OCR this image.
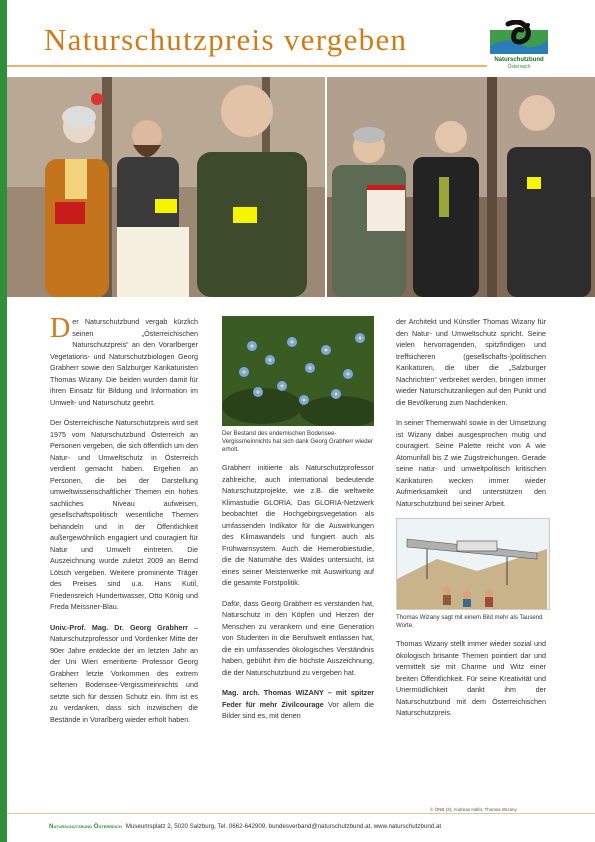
Naturschutzpreis vergeben
Naturschutzbund
Österreich

Der Naturschutzbund vergab kürzlich seinen „Österreichischen Naturschutzpreis“ an den Vorarlberger Vegetations- und Naturschutzbiologen Georg Grabherr sowie den Salzburger Karikaturisten Thomas Wizany. Die beiden wurden damit für ihren Einsatz für Bildung und Information im Umwelt- und Naturschutz geehrt.

Der Österreichische Naturschutzpreis wird seit 1975 vom Naturschutzbund Österreich an Personen vergeben, die sich öffentlich um den Natur- und Umweltschutz in Österreich verdient gemacht haben. Ergehen an Personen, die bei der Darstellung umweltwissenschaftlicher Themen ein hohes sachliches Niveau aufweisen, gesellschaftspolitisch wesentliche Themen behandeln und in der Öffentlichkeit außergewöhnlich engagiert und couragiert für Natur und Umwelt eintreten. Die Auszeichnung wurde zuletzt 2009 an Bernd Lötsch vergeben. Weitere prominente Träger des Preises sind u.a. Hans Kutil, Friedensreich Hundertwasser, Otto König und Freda Meissner-Blau.

Univ.-Prof. Mag. Dr. Georg Grabherr – Naturschutzprofessor und Vordenker Mitte der 90er Jahre entdeckte der im letzten Jahr an der Uni Wien emeritierte Professor Georg Grabherr letzte Vorkommen des extrem seltenen Bodensee-Vergissmeinnichts und setzte sich für dessen Schutz ein. Ihm ist es zu verdanken, dass sich inzwischen die Bestände in Vorarlberg wieder erholt haben.

Der Bestand des endemischen Bodensee-Vergissmeinnichts hat sich dank Georg Grabherr wieder erholt.

Grabherr initiierte als Naturschutzprofessor zahlreiche, auch international bedeutende Naturschutzprojekte, wie z.B. die weltweite Klimastudie GLORIA. Das GLORIA-Netzwerk beobachtet die Hochgebirgsvegetation als umfassenden Indikator für die Auswirkungen des Klimawandels und fungiert auch als Frühwarnsystem. Auch die Hemerobiestudie, die die Naturnähe des Waldes untersucht, ist eines seiner Meisterwerke mit Auswirkung auf die gesamte Forstpolitik.

Dafür, dass Georg Grabherr es verstanden hat, Naturschutz in den Köpfen und Herzen der Menschen zu verankern und eine Generation von Studenten in die Berufswelt entlassen hat, die ein umfassendes ökologisches Verständnis haben, gebührt ihm die höchste Auszeichnung, die der Naturschutzbund zu vergeben hat.

Mag. arch. Thomas WIZANY – mit spitzer Feder für mehr Zivilcourage Vor allem die Bilder sind es, mit denen

der Architekt und Künstler Thomas Wizany für den Natur- und Umweltschutz spricht. Seine vielen hervorragenden, spitzfindigen und treffsicheren (gesellschafts-)politischen Karikaturen, die über die „Salzburger Nachrichten“ verbreitet werden, bringen immer wieder Naturschutzanliegen auf den Punkt und die Bevölkerung zum Nachdenken.

In seiner Themenwahl sowie in der Umsetzung ist Wizany dabei ausgesprochen mutig und couragiert. Seine Palette reicht von A wie Atomunfall bis Z wie Zugstreichungen. Gerade seine natur- und umweltpolitisch kritischen Karikaturen wecken immer wieder Aufmerksamkeit und unterstützen den Naturschutzbund bei seiner Arbeit.

Thomas Wizany sagt mit einem Bild mehr als Tausend Worte.

Thomas Wizany stellt immer wieder sozial und ökologisch brisante Themen pointiert dar und vermittelt sie mit Charme und Witz einer breiten Öffentlichkeit. Für seine Kreativität und Unermüdlichkeit dankt ihm der Naturschutzbund mit dem Österreichischen Naturschutzpreis.

© ÖNB (3); Andreas Hafer, Thomas Wizany
Naturschutzbund Österreich Museumsplatz 2, 5020 Salzburg, Tel. 0662-642909, bundesverband@naturschutzbund.at, www.naturschutzbund.at
